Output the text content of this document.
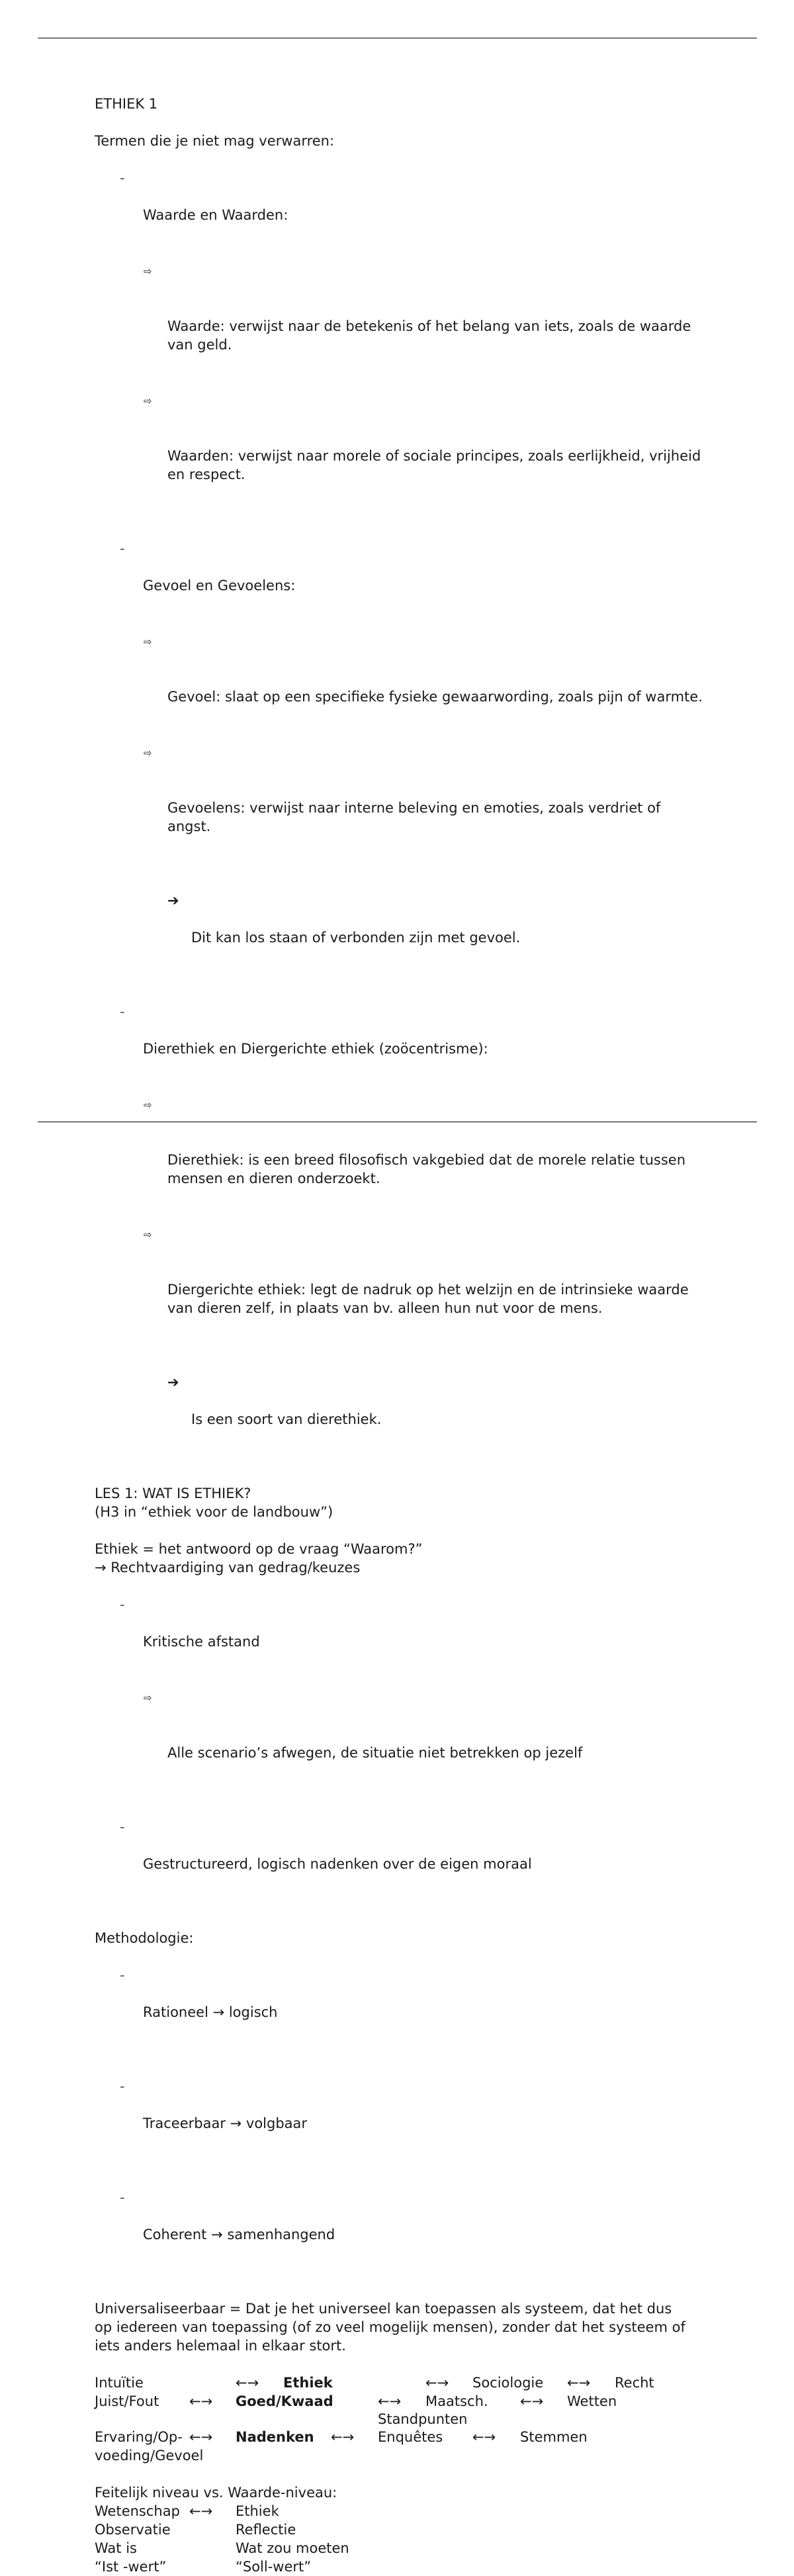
ETHIEK 1

Termen die je niet mag verwarren:

-

Waarde en Waarden:

⇨

Waarde: verwijst naar de betekenis of het belang van iets, zoals de waarde van geld.

⇨

Waarden: verwijst naar morele of sociale principes, zoals eerlijkheid, vrijheid en respect.

-

Gevoel en Gevoelens:

⇨

Gevoel: slaat op een specifieke fysieke gewaarwording, zoals pijn of warmte.

⇨

Gevoelens: verwijst naar interne beleving en emoties, zoals verdriet of angst.

➔

Dit kan los staan of verbonden zijn met gevoel.

-

Dierethiek en Diergerichte ethiek (zoöcentrisme):

⇨

Dierethiek: is een breed filosofisch vakgebied dat de morele relatie tussen mensen en dieren onderzoekt.

⇨

Diergerichte ethiek: legt de nadruk op het welzijn en de intrinsieke waarde van dieren zelf, in plaats van bv. alleen hun nut voor de mens.

➔

Is een soort van dierethiek.

LES 1: WAT IS ETHIEK?

(H3 in “ethiek voor de landbouw”)

Ethiek = het antwoord op de vraag “Waarom?”

→ Rechtvaardiging van gedrag/keuzes

-

Kritische afstand

⇨

Alle scenario’s afwegen, de situatie niet betrekken op jezelf

-

Gestructureerd, logisch nadenken over de eigen moraal

Methodologie:

-

Rationeel → logisch

-

Traceerbaar → volgbaar

-

Coherent → samenhangend

Universaliseerbaar = Dat je het universeel kan toepassen als systeem, dat het dus op iedereen van toepassing (of zo veel mogelijk mensen), zonder dat het systeem of iets anders helemaal in elkaar stort.

Intuïtie	←→ Ethiek	←→ Sociologie ←→ Recht
Juist/Fout ←→ Goed/Kwaad	←→ Maatsch. ←→ Wetten
Standpunten
Ervaring/Op- ←→ Nadenken ←→ Enquêtes ←→ Stemmen
voeding/Gevoel

Feitelijk niveau vs. Waarde-niveau:

Wetenschap ←→ Ethiek
Observatie	Reflectie
Wat is	Wat zou moeten
“Ist -wert”	“Soll-wert”
